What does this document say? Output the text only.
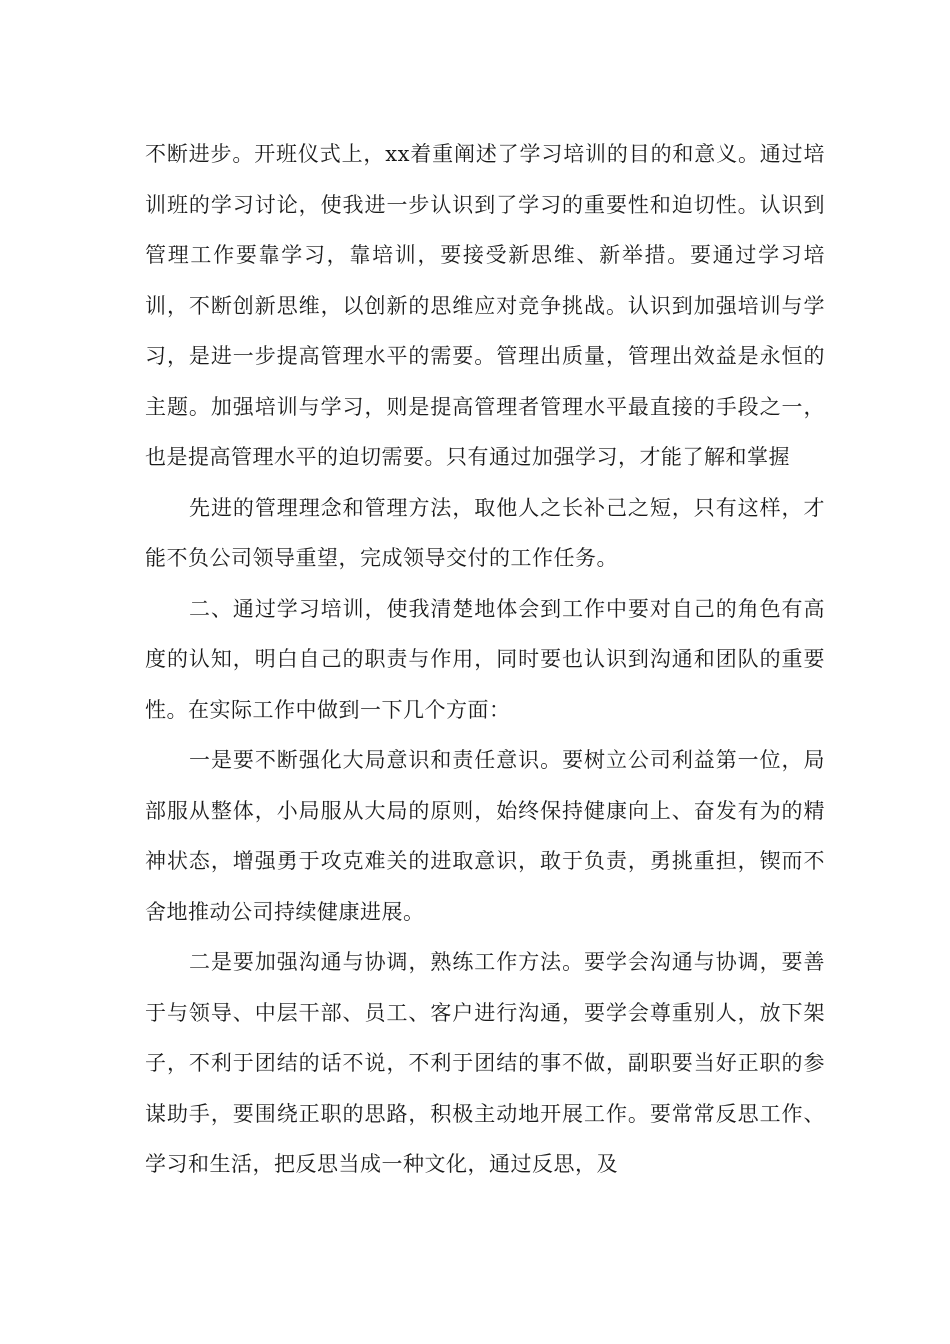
不断进步。开班仪式上，xx着重阐述了学习培训的目的和意义。通过培训班的学习讨论，使我进一步认识到了学习的重要性和迫切性。认识到管理工作要靠学习，靠培训，要接受新思维、新举措。要通过学习培训，不断创新思维，以创新的思维应对竞争挑战。认识到加强培训与学习，是进一步提高管理水平的需要。管理出质量，管理出效益是永恒的主题。加强培训与学习，则是提高管理者管理水平最直接的手段之一，也是提高管理水平的迫切需要。只有通过加强学习，才能了解和掌握

先进的管理理念和管理方法，取他人之长补己之短，只有这样，才能不负公司领导重望，完成领导交付的工作任务。

二、通过学习培训，使我清楚地体会到工作中要对自己的角色有高度的认知，明白自己的职责与作用，同时要也认识到沟通和团队的重要性。在实际工作中做到一下几个方面：

一是要不断强化大局意识和责任意识。要树立公司利益第一位，局部服从整体，小局服从大局的原则，始终保持健康向上、奋发有为的精神状态，增强勇于攻克难关的进取意识，敢于负责，勇挑重担，锲而不舍地推动公司持续健康进展。

二是要加强沟通与协调，熟练工作方法。要学会沟通与协调，要善于与领导、中层干部、员工、客户进行沟通，要学会尊重别人，放下架子，不利于团结的话不说，不利于团结的事不做，副职要当好正职的参谋助手，要围绕正职的思路，积极主动地开展工作。要常常反思工作、学习和生活，把反思当成一种文化，通过反思，及
